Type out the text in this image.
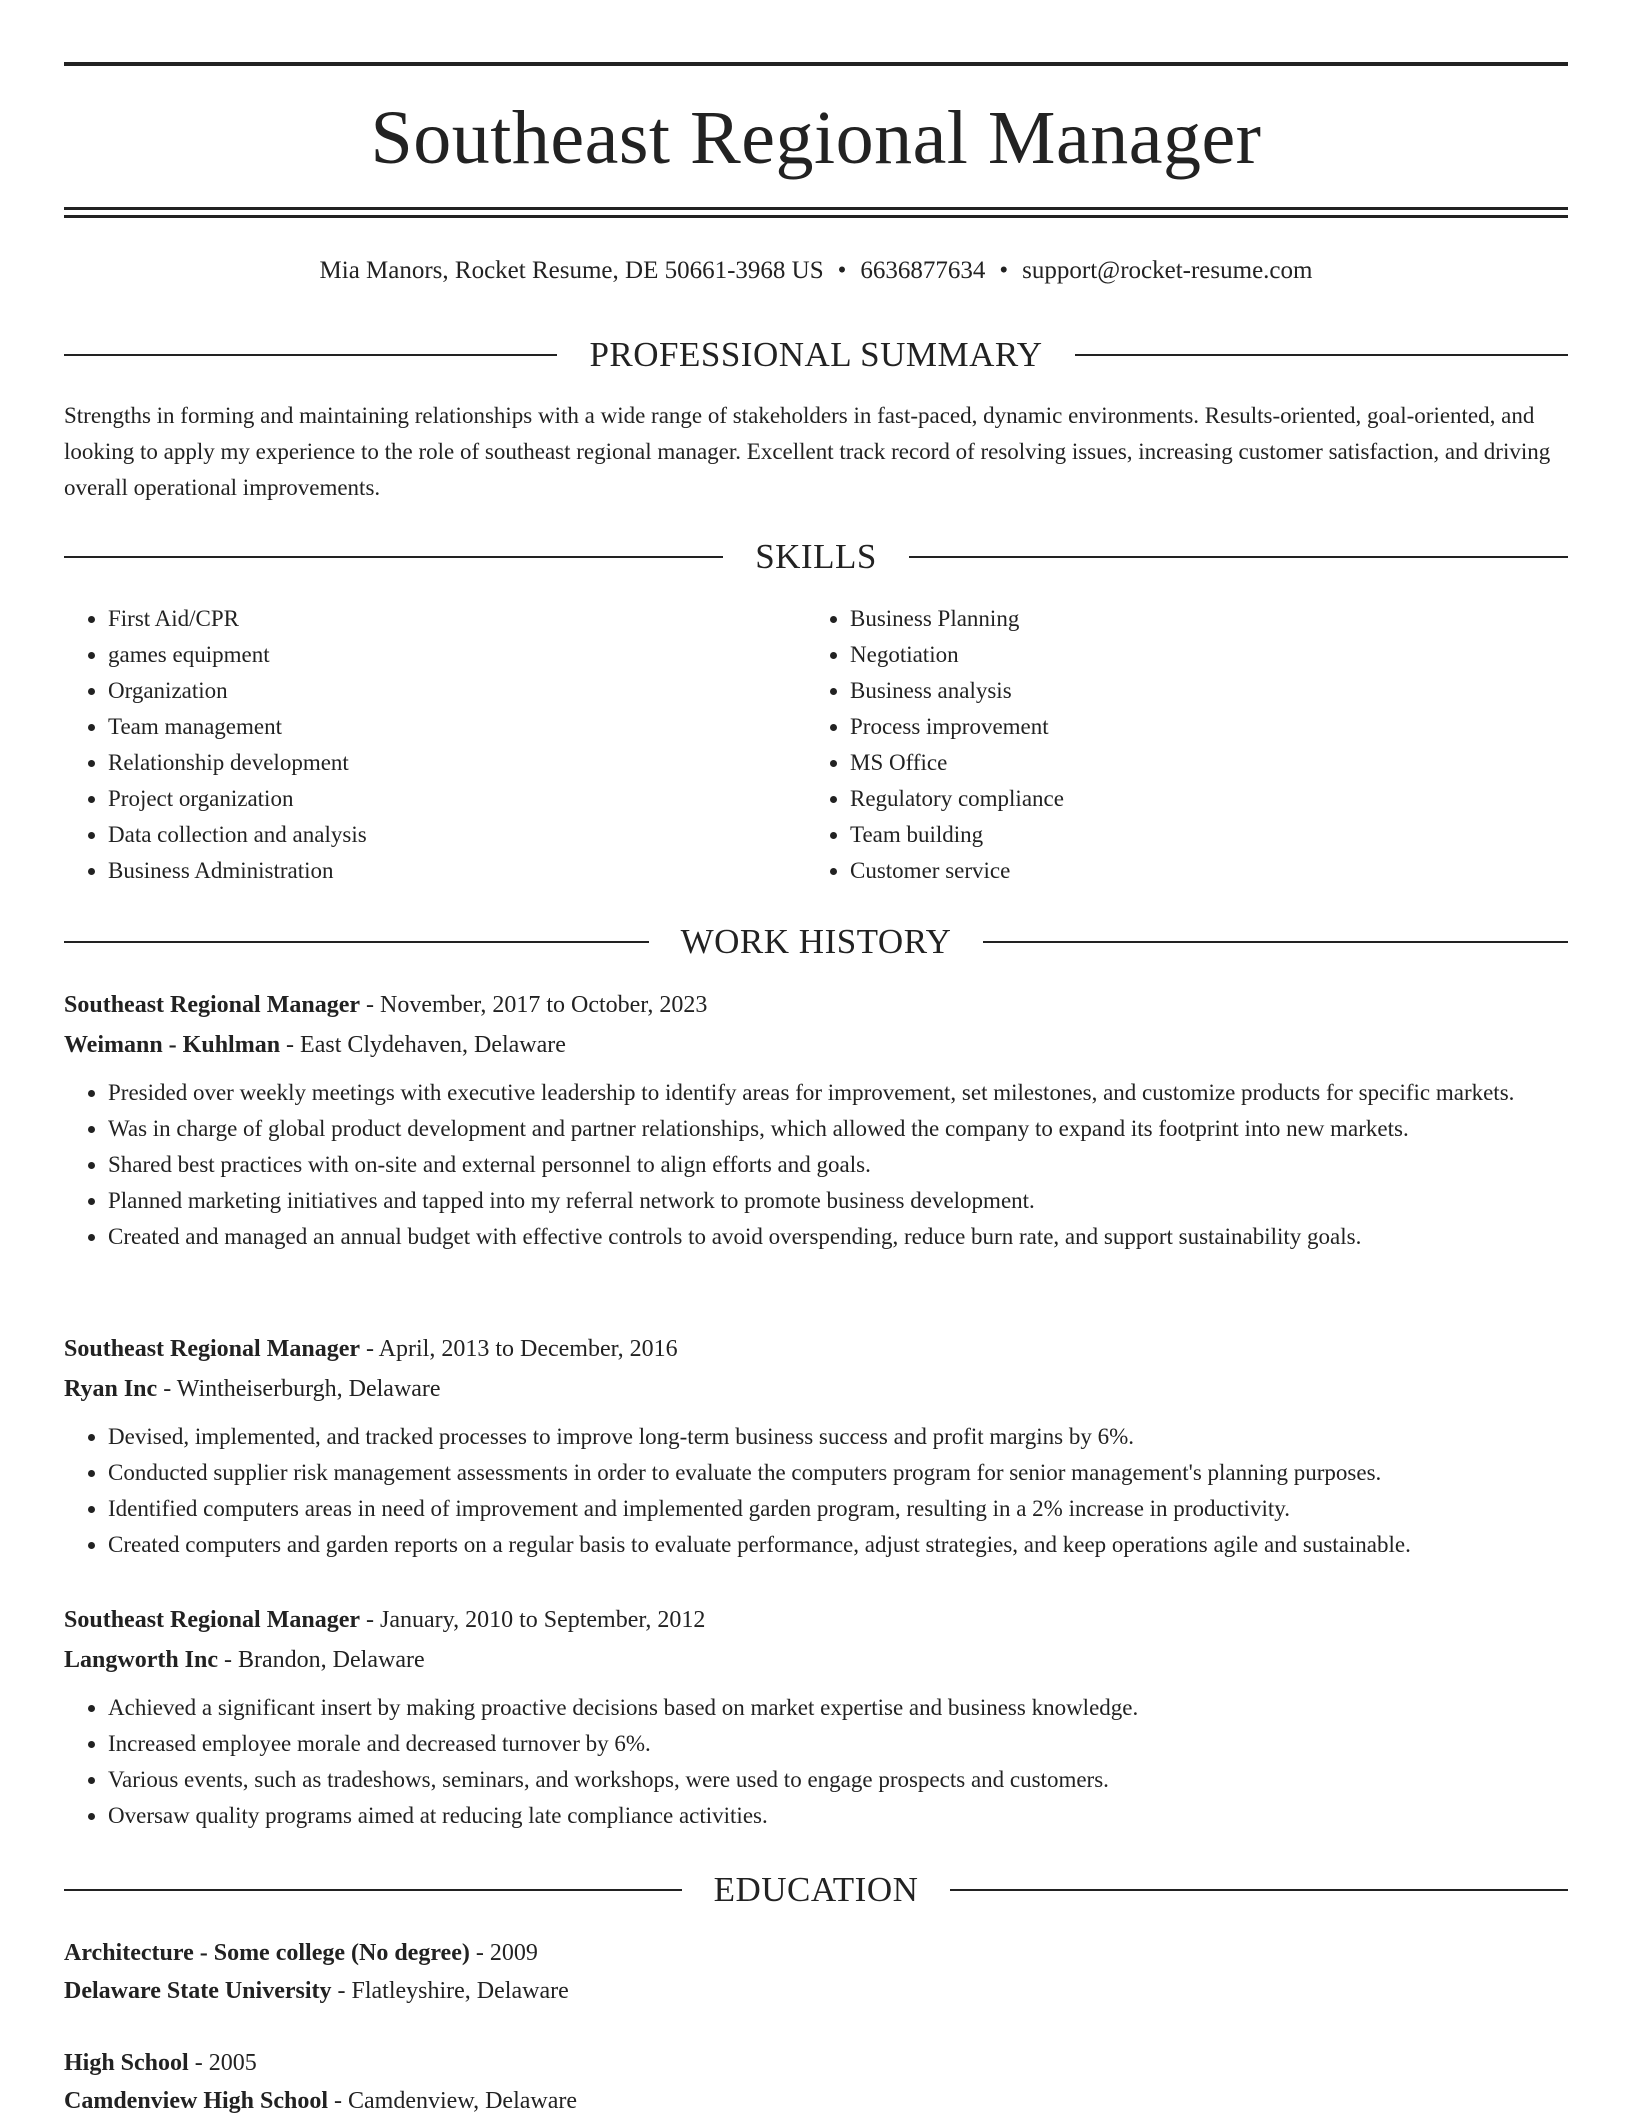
Southeast Regional Manager
Mia Manors, Rocket Resume, DE 50661-3968 US • 6636877634 • support@rocket-resume.com
PROFESSIONAL SUMMARY

Strengths in forming and maintaining relationships with a wide range of stakeholders in fast-paced, dynamic environments. Results-oriented, goal-oriented, and looking to apply my experience to the role of southeast regional manager. Excellent track record of resolving issues, increasing customer satisfaction, and driving overall operational improvements.

SKILLS
• First Aid/CPR
• games equipment
• Organization
• Team management
• Relationship development
• Project organization
• Data collection and analysis
• Business Administration
• Business Planning
• Negotiation
• Business analysis
• Process improvement
• MS Office
• Regulatory compliance
• Team building
• Customer service
WORK HISTORY
Southeast Regional Manager - November, 2017 to October, 2023
Weimann - Kuhlman - East Clydehaven, Delaware
• Presided over weekly meetings with executive leadership to identify areas for improvement, set milestones, and customize products for specific markets.
• Was in charge of global product development and partner relationships, which allowed the company to expand its footprint into new markets.
• Shared best practices with on-site and external personnel to align efforts and goals.
• Planned marketing initiatives and tapped into my referral network to promote business development.
• Created and managed an annual budget with effective controls to avoid overspending, reduce burn rate, and support sustainability goals.
Southeast Regional Manager - April, 2013 to December, 2016
Ryan Inc - Wintheiserburgh, Delaware
• Devised, implemented, and tracked processes to improve long-term business success and profit margins by 6%.
• Conducted supplier risk management assessments in order to evaluate the computers program for senior management's planning purposes.
• Identified computers areas in need of improvement and implemented garden program, resulting in a 2% increase in productivity.
• Created computers and garden reports on a regular basis to evaluate performance, adjust strategies, and keep operations agile and sustainable.
Southeast Regional Manager - January, 2010 to September, 2012
Langworth Inc - Brandon, Delaware
• Achieved a significant insert by making proactive decisions based on market expertise and business knowledge.
• Increased employee morale and decreased turnover by 6%.
• Various events, such as tradeshows, seminars, and workshops, were used to engage prospects and customers.
• Oversaw quality programs aimed at reducing late compliance activities.
EDUCATION
Architecture - Some college (No degree) - 2009
Delaware State University - Flatleyshire, Delaware
High School - 2005
Camdenview High School - Camdenview, Delaware
